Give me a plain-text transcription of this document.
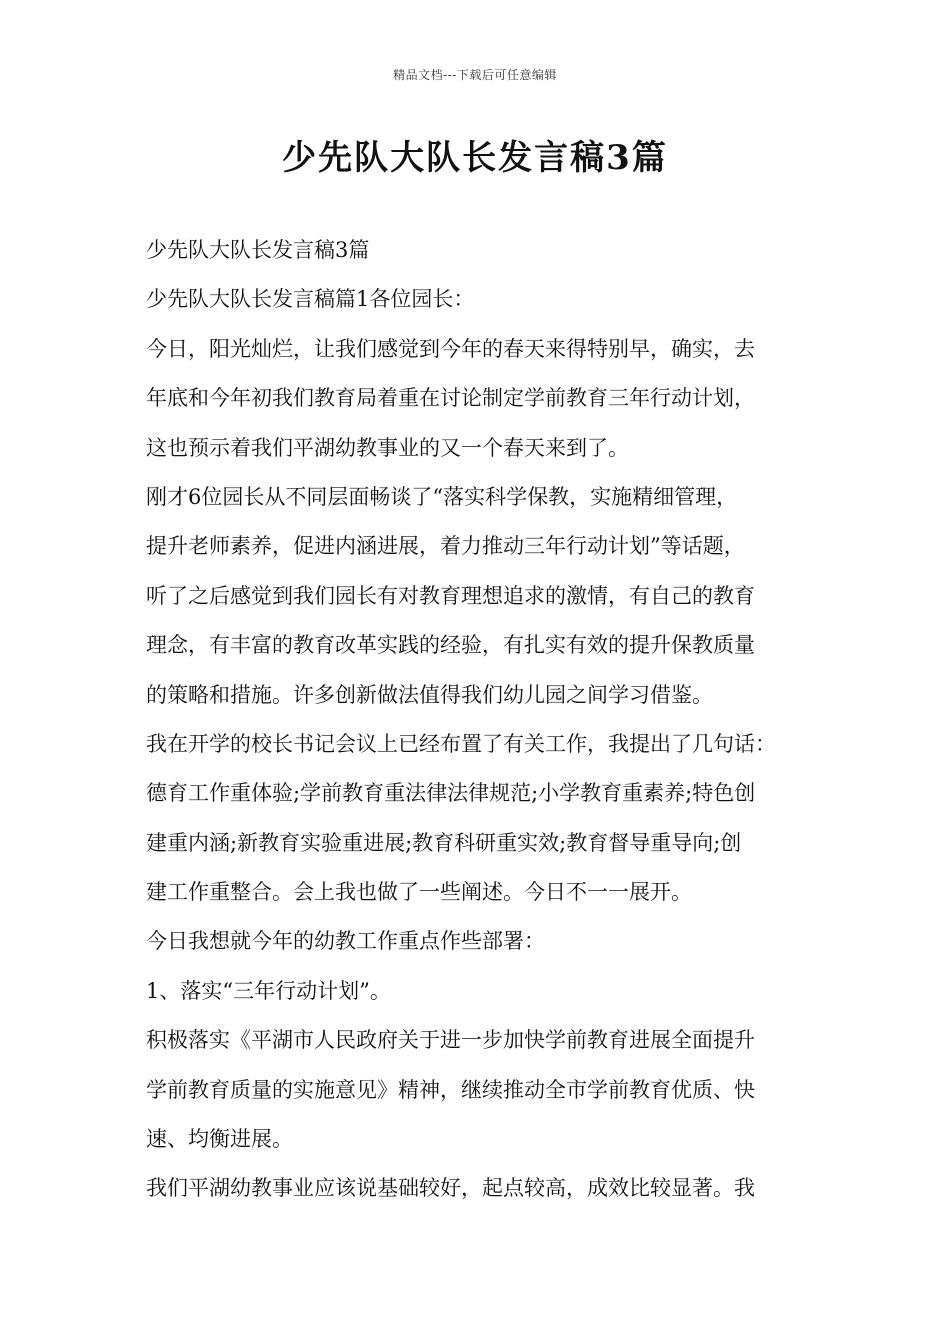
精品文档---下载后可任意编辑
少先队大队长发言稿3篇
少先队大队长发言稿3篇
少先队大队长发言稿篇1各位园长：
今日，阳光灿烂，让我们感觉到今年的春天来得特别早，确实，去
年底和今年初我们教育局着重在讨论制定学前教育三年行动计划，
这也预示着我们平湖幼教事业的又一个春天来到了。
刚才6位园长从不同层面畅谈了“落实科学保教，实施精细管理，
提升老师素养，促进内涵进展，着力推动三年行动计划”等话题，
听了之后感觉到我们园长有对教育理想追求的激情，有自己的教育
理念，有丰富的教育改革实践的经验，有扎实有效的提升保教质量
的策略和措施。许多创新做法值得我们幼儿园之间学习借鉴。
我在开学的校长书记会议上已经布置了有关工作，我提出了几句话：
德育工作重体验;学前教育重法律法律规范;小学教育重素养;特色创
建重内涵;新教育实验重进展;教育科研重实效;教育督导重导向;创
建工作重整合。会上我也做了一些阐述。今日不一一展开。
今日我想就今年的幼教工作重点作些部署：
1、落实“三年行动计划”。
积极落实《平湖市人民政府关于进一步加快学前教育进展全面提升
学前教育质量的实施意见》精神，继续推动全市学前教育优质、快
速、均衡进展。
我们平湖幼教事业应该说基础较好，起点较高，成效比较显著。我
